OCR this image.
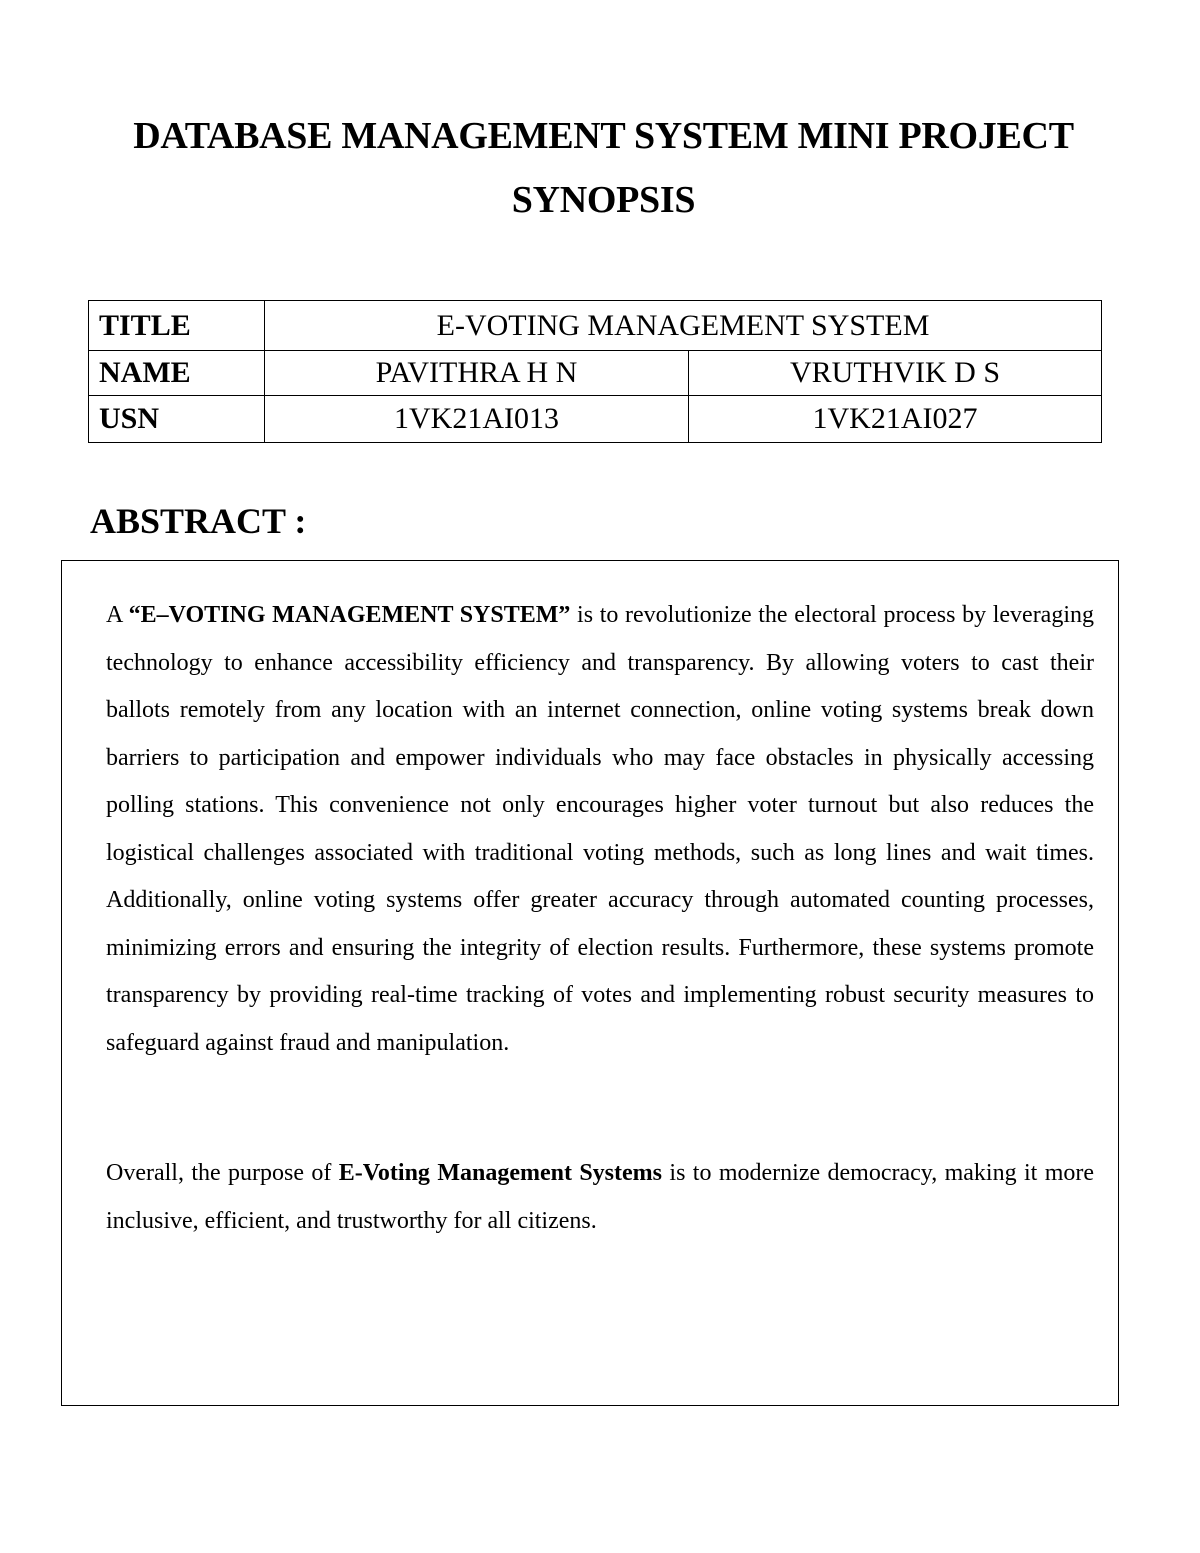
DATABASE MANAGEMENT SYSTEM MINI PROJECT
SYNOPSIS
TITLE	E-VOTING MANAGEMENT SYSTEM	
NAME	PAVITHRA H N	VRUTHVIK D S
USN	1VK21AI013	1VK21AI027
ABSTRACT :

A “E–VOTING MANAGEMENT SYSTEM” is to revolutionize the electoral process by leveraging technology to enhance accessibility efficiency and transparency. By allowing voters to cast their ballots remotely from any location with an internet connection, online voting systems break down barriers to participation and empower individuals who may face obstacles in physically accessing polling stations. This convenience not only encourages higher voter turnout but also reduces the logistical challenges associated with traditional voting methods, such as long lines and wait times. Additionally, online voting systems offer greater accuracy through automated counting processes, minimizing errors and ensuring the integrity of election results. Furthermore, these systems promote transparency by providing real-time tracking of votes and implementing robust security measures to safeguard against fraud and manipulation.

Overall, the purpose of E-Voting Management Systems is to modernize democracy, making it more inclusive, efficient, and trustworthy for all citizens.
